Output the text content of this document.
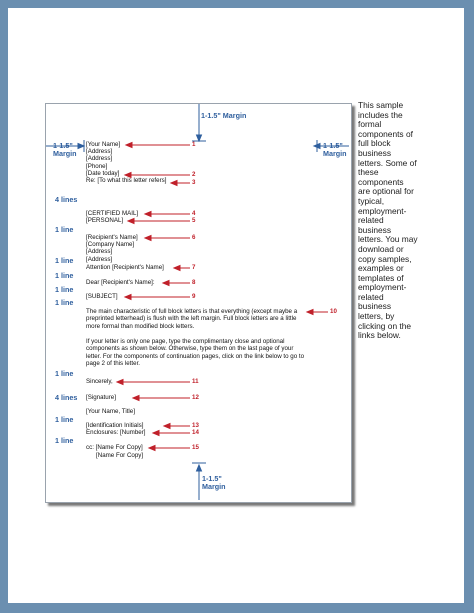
This sample includes the formal components of full block business letters. Some of these components are optional for typical, employment-related business letters. You may download or copy samples, examples or templates of employment-related business letters, by clicking on the links below.
1-1.5" Margin
1-1.5" Margin
1-1.5" Margin
1-1.5" Margin
4 lines
1 line
1 line
1 line
1 line
1 line
1 line
4 lines
1 line
1 line
[Your Name]
[Address]
[Address]
[Phone]
[Date today]
Re: [To what this letter refers]
[CERTIFIED MAIL]
[PERSONAL]
[Recipient's Name]
[Company Name]
[Address]
[Address]
Attention [Recipient's Name]
Dear [Recipient's Name]:
[SUBJECT]
The main characteristic of full block letters is that everything (except maybe a preprinted letterhead) is flush with the left margin. Full block letters are a little more formal than modified block letters.
If your letter is only one page, type the complimentary close and optional components as shown below. Otherwise, type them on the last page of your letter. For the components of continuation pages, click on the link below to go to page 2 of this letter.
Sincerely,
[Signature]
[Your Name, Title]
[Identification Initials]
Enclosures: [Number]
cc: [Name For Copy]
[Name For Copy]
1
2
3
4
5
6
7
8
9
10
11
12
13
14
15
